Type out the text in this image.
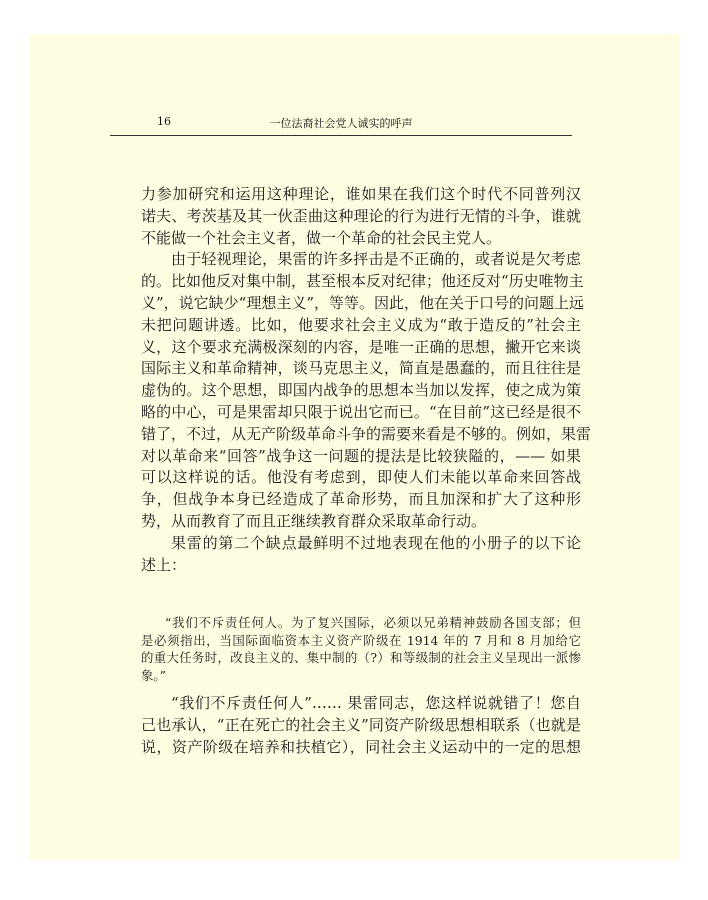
16	一位法裔社会党人诚实的呼声
力参加研究和运用这种理论，谁如果在我们这个时代不同普列汉
诺夫、考茨基及其一伙歪曲这种理论的行为进行无情的斗争，谁就
不能做一个社会主义者，做一个革命的社会民主党人。
由于轻视理论，果雷的许多抨击是不正确的，或者说是欠考虑
的。比如他反对集中制，甚至根本反对纪律；他还反对“历史唯物主
义”，说它缺少“理想主义”，等等。因此，他在关于口号的问题上远
未把问题讲透。比如，他要求社会主义成为“敢于造反的”社会主
义，这个要求充满极深刻的内容，是唯一正确的思想，撇开它来谈
国际主义和革命精神，谈马克思主义，简直是愚蠢的，而且往往是
虚伪的。这个思想，即国内战争的思想本当加以发挥，使之成为策
略的中心，可是果雷却只限于说出它而已。“在目前”这已经是很不
错了，不过，从无产阶级革命斗争的需要来看是不够的。例如，果雷
对以革命来“回答”战争这一问题的提法是比较狭隘的，—— 如果
可以这样说的话。他没有考虑到，即使人们未能以革命来回答战
争，但战争本身已经造成了革命形势，而且加深和扩大了这种形
势，从而教育了而且正继续教育群众采取革命行动。
果雷的第二个缺点最鲜明不过地表现在他的小册子的以下论
述上：
“我们不斥责任何人。为了复兴国际，必须以兄弟精神鼓励各国支部；但
是必须指出，当国际面临资本主义资产阶级在 1914 年的 7 月和 8 月加给它
的重大任务时，改良主义的、集中制的（?）和等级制的社会主义呈现出一派惨
象。”
“我们不斥责任何人”…… 果雷同志，您这样说就错了！您自
己也承认，“正在死亡的社会主义”同资产阶级思想相联系（也就是
说，资产阶级在培养和扶植它），同社会主义运动中的一定的思想
